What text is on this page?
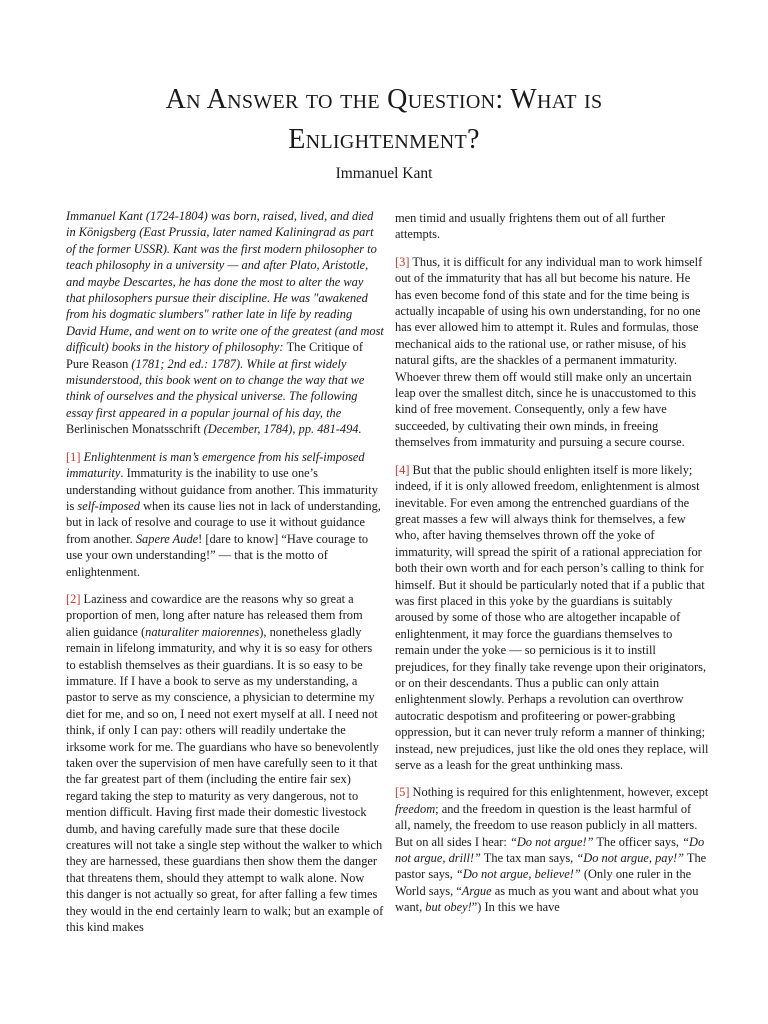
An Answer to the Question: What is
Enlightenment?

Immanuel Kant

Immanuel Kant (1724-1804) was born, raised, lived, and died in Königsberg (East Prussia, later named Kaliningrad as part of the former USSR). Kant was the first modern philosopher to teach philosophy in a university — and after Plato, Aristotle, and maybe Descartes, he has done the most to alter the way that philosophers pursue their discipline. He was "awakened from his dogmatic slumbers" rather late in life by reading David Hume, and went on to write one of the greatest (and most difficult) books in the history of philosophy: The Critique of Pure Reason (1781; 2nd ed.: 1787). While at first widely misunderstood, this book went on to change the way that we think of ourselves and the physical universe. The following essay first appeared in a popular journal of his day, the Berlinischen Monatsschrift (December, 1784), pp. 481-494.

[1] Enlightenment is man’s emergence from his self-imposed immaturity. Immaturity is the inability to use one’s understanding without guidance from another. This immaturity is self-imposed when its cause lies not in lack of understanding, but in lack of resolve and courage to use it without guidance from another. Sapere Aude! [dare to know] “Have courage to use your own understanding!” — that is the motto of enlightenment.

[2] Laziness and cowardice are the reasons why so great a proportion of men, long after nature has released them from alien guidance (naturaliter maiorennes), nonetheless gladly remain in lifelong immaturity, and why it is so easy for others to establish themselves as their guardians. It is so easy to be immature. If I have a book to serve as my understanding, a pastor to serve as my conscience, a physician to determine my diet for me, and so on, I need not exert myself at all. I need not think, if only I can pay: others will readily undertake the irksome work for me. The guardians who have so benevolently taken over the supervision of men have carefully seen to it that the far greatest part of them (including the entire fair sex) regard taking the step to maturity as very dangerous, not to mention difficult. Having first made their domestic livestock dumb, and having carefully made sure that these docile creatures will not take a single step without the walker to which they are harnessed, these guardians then show them the danger that threatens them, should they attempt to walk alone. Now this danger is not actually so great, for after falling a few times they would in the end certainly learn to walk; but an example of this kind makes

men timid and usually frightens them out of all further attempts.

[3] Thus, it is difficult for any individual man to work himself out of the immaturity that has all but become his nature. He has even become fond of this state and for the time being is actually incapable of using his own understanding, for no one has ever allowed him to attempt it. Rules and formulas, those mechanical aids to the rational use, or rather misuse, of his natural gifts, are the shackles of a permanent immaturity. Whoever threw them off would still make only an uncertain leap over the smallest ditch, since he is unaccustomed to this kind of free movement. Consequently, only a few have succeeded, by cultivating their own minds, in freeing themselves from immaturity and pursuing a secure course.

[4] But that the public should enlighten itself is more likely; indeed, if it is only allowed freedom, enlightenment is almost inevitable. For even among the entrenched guardians of the great masses a few will always think for themselves, a few who, after having themselves thrown off the yoke of immaturity, will spread the spirit of a rational appreciation for both their own worth and for each person’s calling to think for himself. But it should be particularly noted that if a public that was first placed in this yoke by the guardians is suitably aroused by some of those who are altogether incapable of enlightenment, it may force the guardians themselves to remain under the yoke — so pernicious is it to instill prejudices, for they finally take revenge upon their originators, or on their descendants. Thus a public can only attain enlightenment slowly. Perhaps a revolution can overthrow autocratic despotism and profiteering or power-grabbing oppression, but it can never truly reform a manner of thinking; instead, new prejudices, just like the old ones they replace, will serve as a leash for the great unthinking mass.

[5] Nothing is required for this enlightenment, however, except freedom; and the freedom in question is the least harmful of all, namely, the freedom to use reason publicly in all matters. But on all sides I hear: “Do not argue!” The officer says, “Do not argue, drill!” The tax man says, “Do not argue, pay!” The pastor says, “Do not argue, believe!” (Only one ruler in the World says, “Argue as much as you want and about what you want, but obey!”) In this we have
